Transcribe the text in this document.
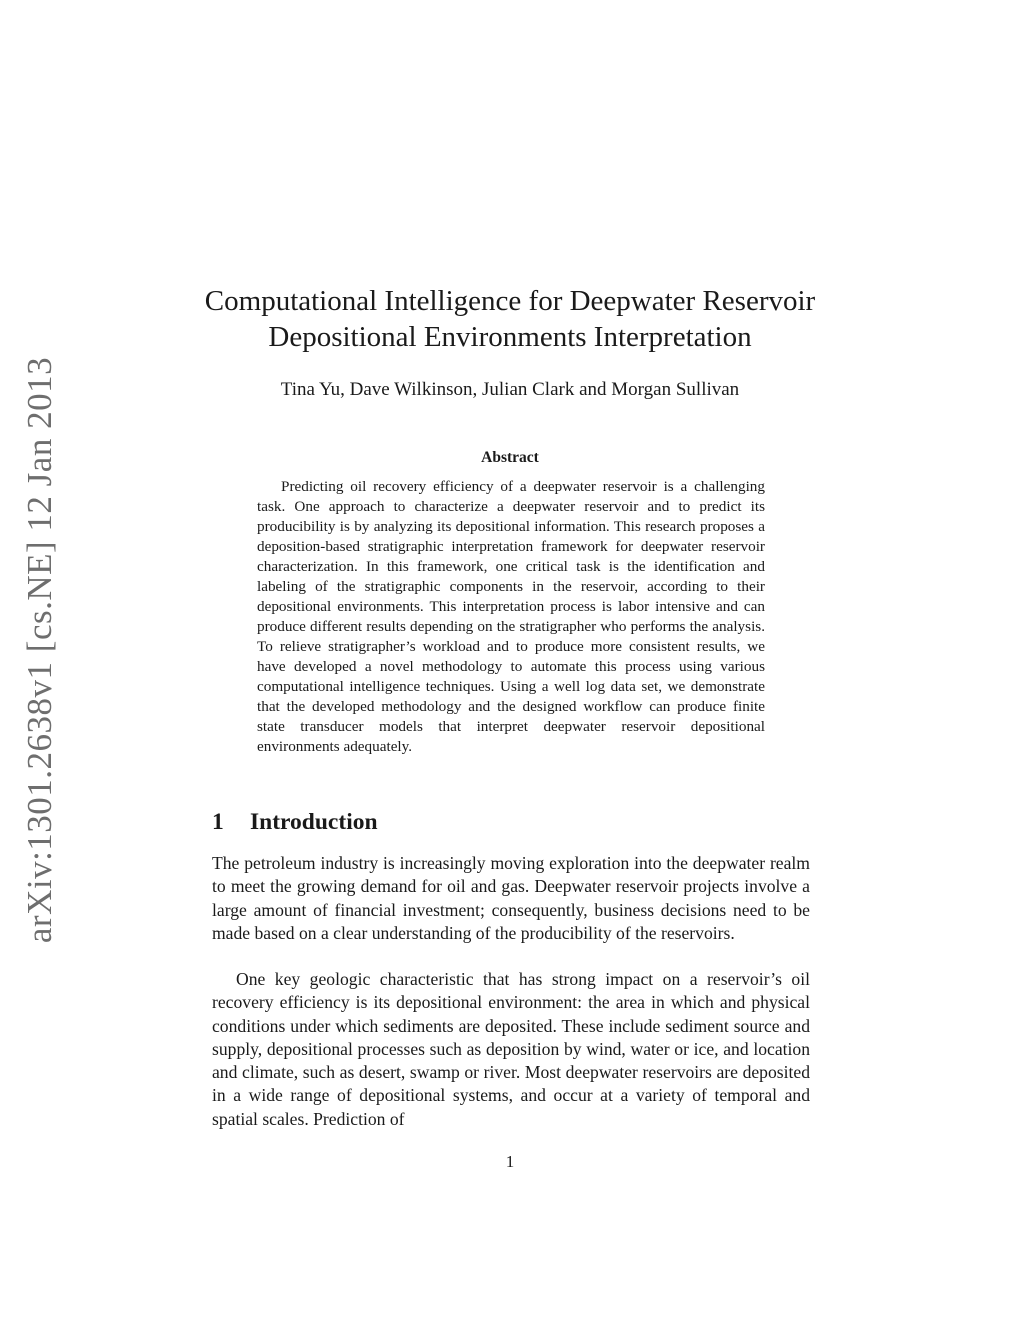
arXiv:1301.2638v1 [cs.NE] 12 Jan 2013
Computational Intelligence for Deepwater Reservoir Depositional Environments Interpretation
Tina Yu, Dave Wilkinson, Julian Clark and Morgan Sullivan
Abstract

Predicting oil recovery efficiency of a deepwater reservoir is a challenging task. One approach to characterize a deepwater reservoir and to predict its producibility is by analyzing its depositional information. This research proposes a deposition-based stratigraphic interpretation framework for deepwater reservoir characterization. In this framework, one critical task is the identification and labeling of the stratigraphic components in the reservoir, according to their depositional environments. This interpretation process is labor intensive and can produce different results depending on the stratigrapher who performs the analysis. To relieve stratigrapher’s workload and to produce more consistent results, we have developed a novel methodology to automate this process using various computational intelligence techniques. Using a well log data set, we demonstrate that the developed methodology and the designed workflow can produce finite state transducer models that interpret deepwater reservoir depositional environments adequately.

1 Introduction

The petroleum industry is increasingly moving exploration into the deepwater realm to meet the growing demand for oil and gas. Deepwater reservoir projects involve a large amount of financial investment; consequently, business decisions need to be made based on a clear understanding of the producibility of the reservoirs.

One key geologic characteristic that has strong impact on a reservoir’s oil recovery efficiency is its depositional environment: the area in which and physical conditions under which sediments are deposited. These include sediment source and supply, depositional processes such as deposition by wind, water or ice, and location and climate, such as desert, swamp or river. Most deepwater reservoirs are deposited in a wide range of depositional systems, and occur at a variety of temporal and spatial scales. Prediction of

1
